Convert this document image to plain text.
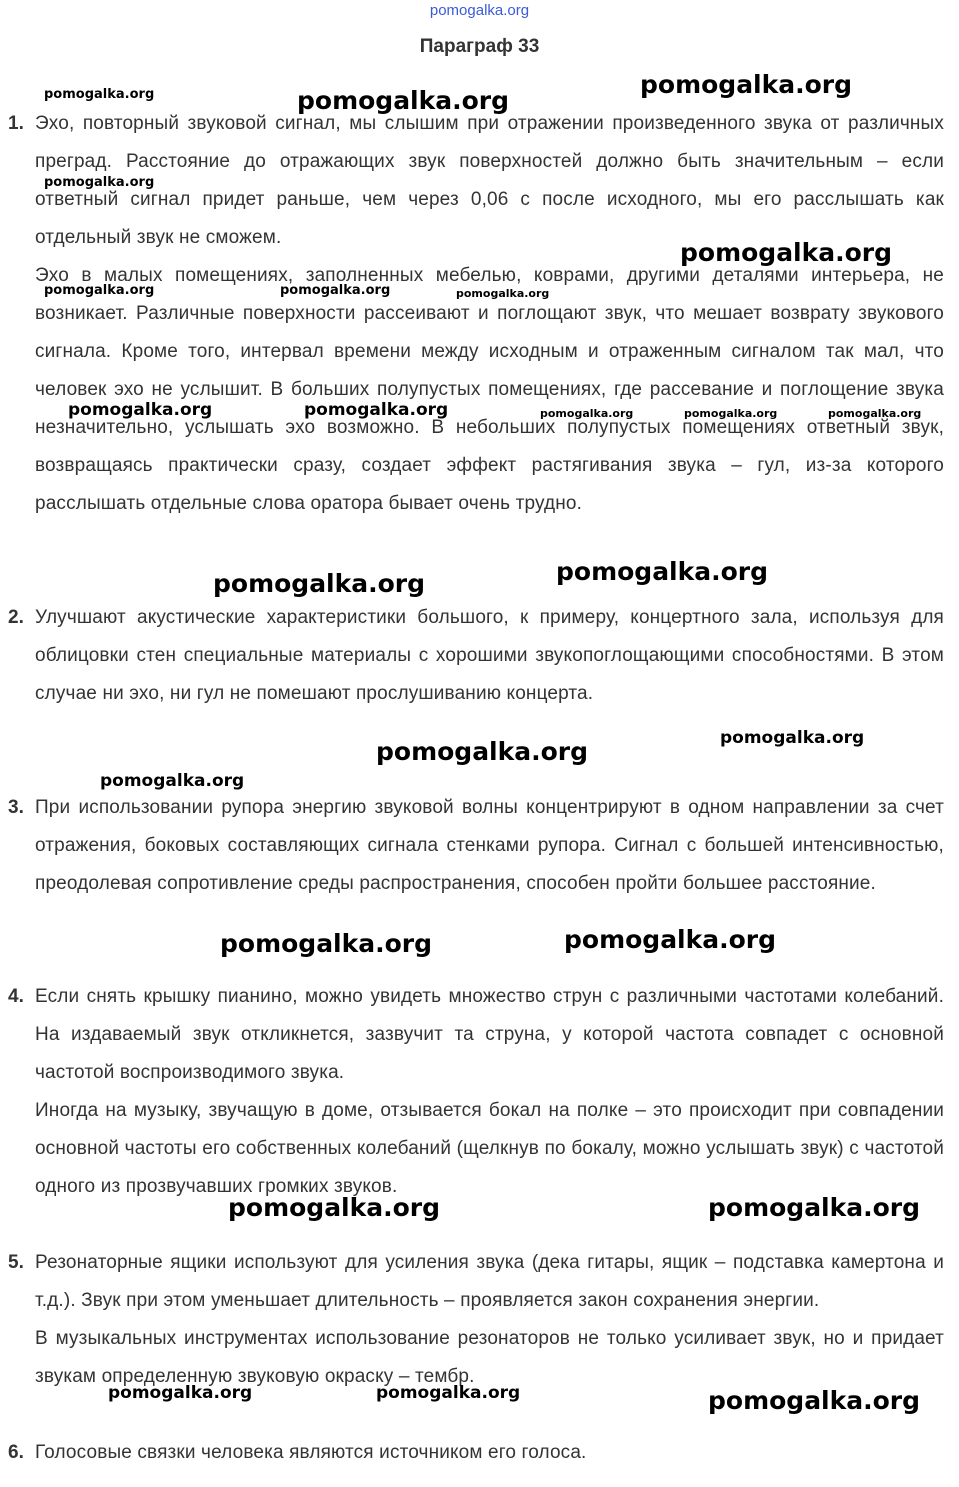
pomogalka.org
Параграф 33
1. Эхо, повторный звуковой сигнал, мы слышим при отражении произведенного звука от различных преград. Расстояние до отражающих звук поверхностей должно быть значительным – если ответный сигнал придет раньше, чем через 0,06 с после исходного, мы его расслышать как отдельный звук не сможем.

Эхо в малых помещениях, заполненных мебелью, коврами, другими деталями интерьера, не возникает. Различные поверхности рассеивают и поглощают звук, что мешает возврату звукового сигнала. Кроме того, интервал времени между исходным и отраженным сигналом так мал, что человек эхо не услышит. В больших полупустых помещениях, где рассевание и поглощение звука незначительно, услышать эхо возможно. В небольших полупустых помещениях ответный звук, возвращаясь практически сразу, создает эффект растягивания звука – гул, из-за которого расслышать отдельные слова оратора бывает очень трудно.

2. Улучшают акустические характеристики большого, к примеру, концертного зала, используя для облицовки стен специальные материалы с хорошими звукопоглощающими способностями. В этом случае ни эхо, ни гул не помешают прослушиванию концерта.

3. При использовании рупора энергию звуковой волны концентрируют в одном направлении за счет отражения, боковых составляющих сигнала стенками рупора. Сигнал с большей интенсивностью, преодолевая сопротивление среды распространения, способен пройти большее расстояние.

4. Если снять крышку пианино, можно увидеть множество струн с различными частотами колебаний. На издаваемый звук откликнется, зазвучит та струна, у которой частота совпадет с основной частотой воспроизводимого звука.

Иногда на музыку, звучащую в доме, отзывается бокал на полке – это происходит при совпадении основной частоты его собственных колебаний (щелкнув по бокалу, можно услышать звук) с частотой одного из прозвучавших громких звуков.

5. Резонаторные ящики используют для усиления звука (дека гитары, ящик – подставка камертона и т.д.). Звук при этом уменьшает длительность – проявляется закон сохранения энергии.

В музыкальных инструментах использование резонаторов не только усиливает звук, но и придает звукам определенную звуковую окраску – тембр.

6. Голосовые связки человека являются источником его голоса.

pomogalka.org	pomogalka.org
pomogalka.org
pomogalka.org
pomogalka.org
pomogalka.org	pomogalka.org	pomogalka.org
pomogalka.org	pomogalka.org	pomogalka.org	pomogalka.org	pomogalka.org
pomogalka.org	pomogalka.org
pomogalka.org	pomogalka.org
pomogalka.org
pomogalka.org	pomogalka.org
pomogalka.org	pomogalka.org
pomogalka.org	pomogalka.org	pomogalka.org
